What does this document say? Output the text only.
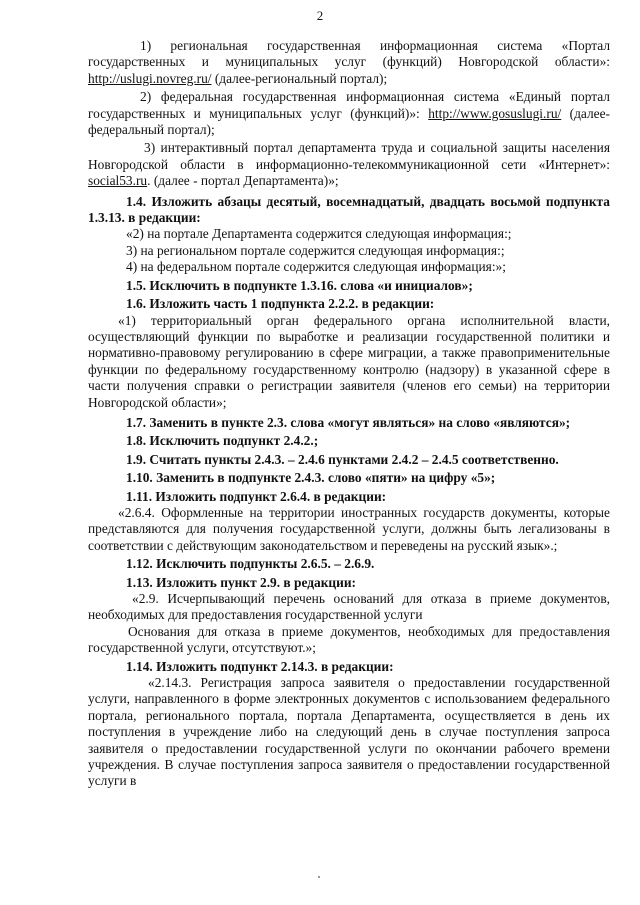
2

1) региональная государственная информационная система «Портал государственных и муниципальных услуг (функций) Новгородской области»: http://uslugi.novreg.ru/ (далее-региональный портал);

2) федеральная государственная информационная система «Единый портал государственных и муниципальных услуг (функций)»: http://www.gosuslugi.ru/ (далее-федеральный портал);

3) интерактивный портал департамента труда и социальной защиты населения Новгородской области в информационно-телекоммуникационной сети «Интернет»: social53.ru. (далее - портал Департамента)»;

1.4. Изложить абзацы десятый, восемнадцатый, двадцать восьмой подпункта 1.3.13. в редакции:

«2) на портале Департамента содержится следующая информация:;

3) на региональном портале содержится следующая информация:;

4) на федеральном портале содержится следующая информация:»;

1.5. Исключить в подпункте 1.3.16. слова «и инициалов»;

1.6. Изложить часть 1 подпункта 2.2.2. в редакции:

«1) территориальный орган федерального органа исполнительной власти, осуществляющий функции по выработке и реализации государственной политики и нормативно-правовому регулированию в сфере миграции, а также правоприменительные функции по федеральному государственному контролю (надзору) в указанной сфере в части получения справки о регистрации заявителя (членов его семьи) на территории Новгородской области»;

1.7. Заменить в пункте 2.3. слова «могут являться» на слово «являются»;

1.8. Исключить подпункт 2.4.2.;

1.9. Считать пункты 2.4.3. – 2.4.6 пунктами 2.4.2 – 2.4.5 соответственно.

1.10. Заменить в подпункте 2.4.3. слово «пяти» на цифру «5»;

1.11. Изложить подпункт 2.6.4. в редакции:

«2.6.4. Оформленные на территории иностранных государств документы, которые представляются для получения государственной услуги, должны быть легализованы в соответствии с действующим законодательством и переведены на русский язык».;

1.12. Исключить подпункты 2.6.5. – 2.6.9.

1.13. Изложить пункт 2.9. в редакции:

«2.9. Исчерпывающий перечень оснований для отказа в приеме документов, необходимых для предоставления государственной услуги

Основания для отказа в приеме документов, необходимых для предоставления государственной услуги, отсутствуют.»;

1.14. Изложить подпункт 2.14.3. в редакции:

«2.14.3. Регистрация запроса заявителя о предоставлении государственной услуги, направленного в форме электронных документов с использованием федерального портала, регионального портала, портала Департамента, осуществляется в день их поступления в учреждение либо на следующий день в случае поступления запроса заявителя о предоставлении государственной услуги по окончании рабочего времени учреждения. В случае поступления запроса заявителя о предоставлении государственной услуги в
